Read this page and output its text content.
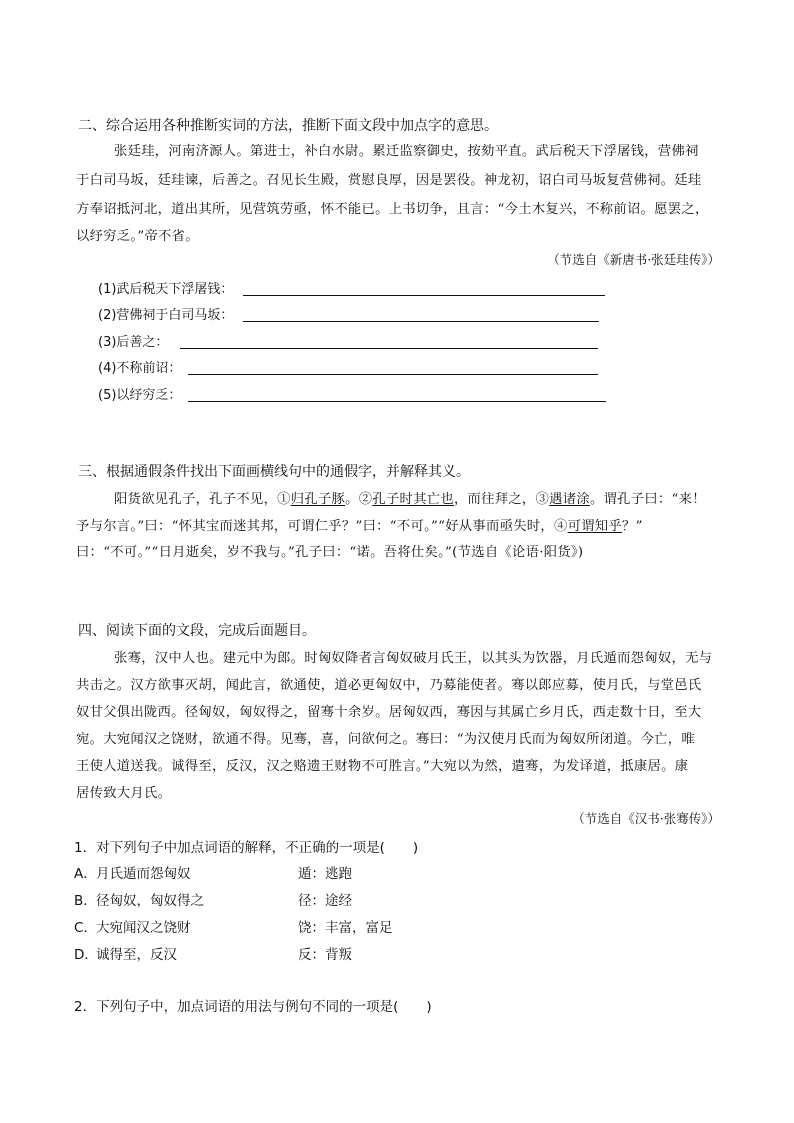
二、综合运用各种推断实词的方法，推断下面文段中加点字的意思。
张廷珪，河南济源人。第进士，补白水尉。累迁监察御史，按劾平直。武后税天下浮屠钱，营佛祠
于白司马坂，廷珪谏，后善之。召见长生殿，赏慰良厚，因是罢役。神龙初，诏白司马坂复营佛祠。廷珪
方奉诏抵河北，道出其所，见营筑劳亟，怀不能已。上书切争，且言：“今土木复兴，不称前诏。愿罢之，
以纾穷乏。”帝不省。
（节选自《新唐书·张廷珪传》）
(1)武后税天下浮屠钱：
(2)营佛祠于白司马坂：
(3)后善之：
(4)不称前诏：
(5)以纾穷乏：
三、根据通假条件找出下面画横线句中的通假字，并解释其义。
阳货欲见孔子，孔子不见，①归孔子豚。②孔子时其亡也，而往拜之，③遇诸涂。谓孔子曰：“来！
予与尔言。”曰：“怀其宝而迷其邦，可谓仁乎？”曰：“不可。”“好从事而亟失时，④可谓知乎？”
曰：“不可。”“日月逝矣，岁不我与。”孔子曰：“诺。吾将仕矣。”(节选自《论语·阳货》)
四、阅读下面的文段，完成后面题目。
张骞，汉中人也。建元中为郎。时匈奴降者言匈奴破月氏王，以其头为饮器，月氏遁而怨匈奴，无与
共击之。汉方欲事灭胡，闻此言，欲通使，道必更匈奴中，乃募能使者。骞以郎应募，使月氏，与堂邑氏
奴甘父俱出陇西。径匈奴，匈奴得之，留骞十余岁。居匈奴西，骞因与其属亡乡月氏，西走数十日，至大
宛。大宛闻汉之饶财，欲通不得。见骞，喜，问欲何之。骞曰：“为汉使月氏而为匈奴所闭道。今亡，唯
王使人道送我。诚得至，反汉，汉之赂遗王财物不可胜言。”大宛以为然，遣骞，为发译道，抵康居。康
居传致大月氏。
（节选自《汉书·张骞传》）
1．对下列句子中加点词语的解释，不正确的一项是( )
A．月氏遁而怨匈奴	遁：逃跑
B．径匈奴，匈奴得之	径：途经
C．大宛闻汉之饶财	饶：丰富，富足
D．诚得至，反汉	反：背叛
2．下列句子中，加点词语的用法与例句不同的一项是( )
